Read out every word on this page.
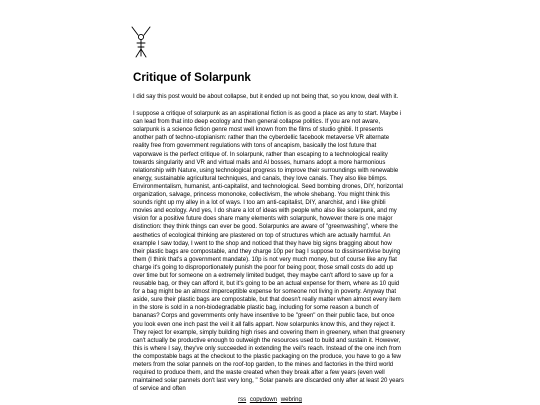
Critique of Solarpunk

I did say this post would be about collapse, but it ended up not being that, so you know, deal with it.

I suppose a critique of solarpunk as an aspirational fiction is as good a place as any to start. Maybe i can lead from that into deep ecology and then general collapse politics. If you are not aware, solarpunk is a science fiction genre most well known from the films of studio ghibli. It presents another path of techno-utopianism: rather than the cyberdellic facebook metaverse VR alternate reality free from government regulations with tons of ancapism, basically the lost future that vaporwave is the perfect critique of. In solarpunk, rather than escaping to a technological reality towards singularity and VR and virtual malls and AI bosses, humans adopt a more harmonious relationship with Nature, using technological progress to improve their surroundings with renewable energy, sustainable agricultural techniques, and canals, they love canals. They also like blimps. Environmentalism, humanist, anti-capitalist, and technological. Seed bombing drones, DIY, horizontal organization, salvage, princess mononoke, collectivism, the whole shebang. You might think this sounds right up my alley in a lot of ways. I too am anti-capitalist, DIY, anarchist, and i like ghibli movies and ecology. And yes, I do share a lot of ideas with people who also like solarpunk, and my vision for a positive future does share many elements with solarpunk, however there is one major distinction: they think things can ever be good. Solarpunks are aware of "greenwashing", where the aesthetics of ecological thinking are plastered on top of structures which are actually harmful. An example I saw today, I went to the shop and noticed that they have big signs bragging about how their plastic bags are compostable, and they charge 10p per bag I suppose to dissinsentivise buying them (I think that's a government mandate). 10p is not very much money, but of course like any flat charge it's going to disproportionately punish the poor for being poor, those small costs do add up over time but for someone on a extremely limited budget, they maybe can't afford to save up for a reusable bag, or they can afford it, but it's going to be an actual expense for them, where as 10 quid for a bag might be an almost imperceptible expense for someone not living in poverty. Anyway that aside, sure their plastic bags are compostable, but that doesn't really matter when almost every item in the store is sold in a non-biodegradable plastic bag, including for some reason a bunch of bananas? Corps and governments only have insentive to be "green" on their public face, but once you look even one inch past the veil it all falls appart. Now solarpunks know this, and they reject it. They reject for example, simply building high rises and covering them in greenery, when that greenery can't actually be productive enough to outweigh the resources used to build and sustain it. However, this is where I say, they've only succeeded in extending the veil's reach. Instead of the one inch from the compostable bags at the checkout to the plastic packaging on the produce, you have to go a few meters from the solar pannels on the roof-top garden, to the mines and factories in the third world required to produce them, and the waste created when they break after a few years (even well maintained solar pannels don't last very long, " Solar panels are discarded only after at least 20 years of service and often

rss copydown webring
